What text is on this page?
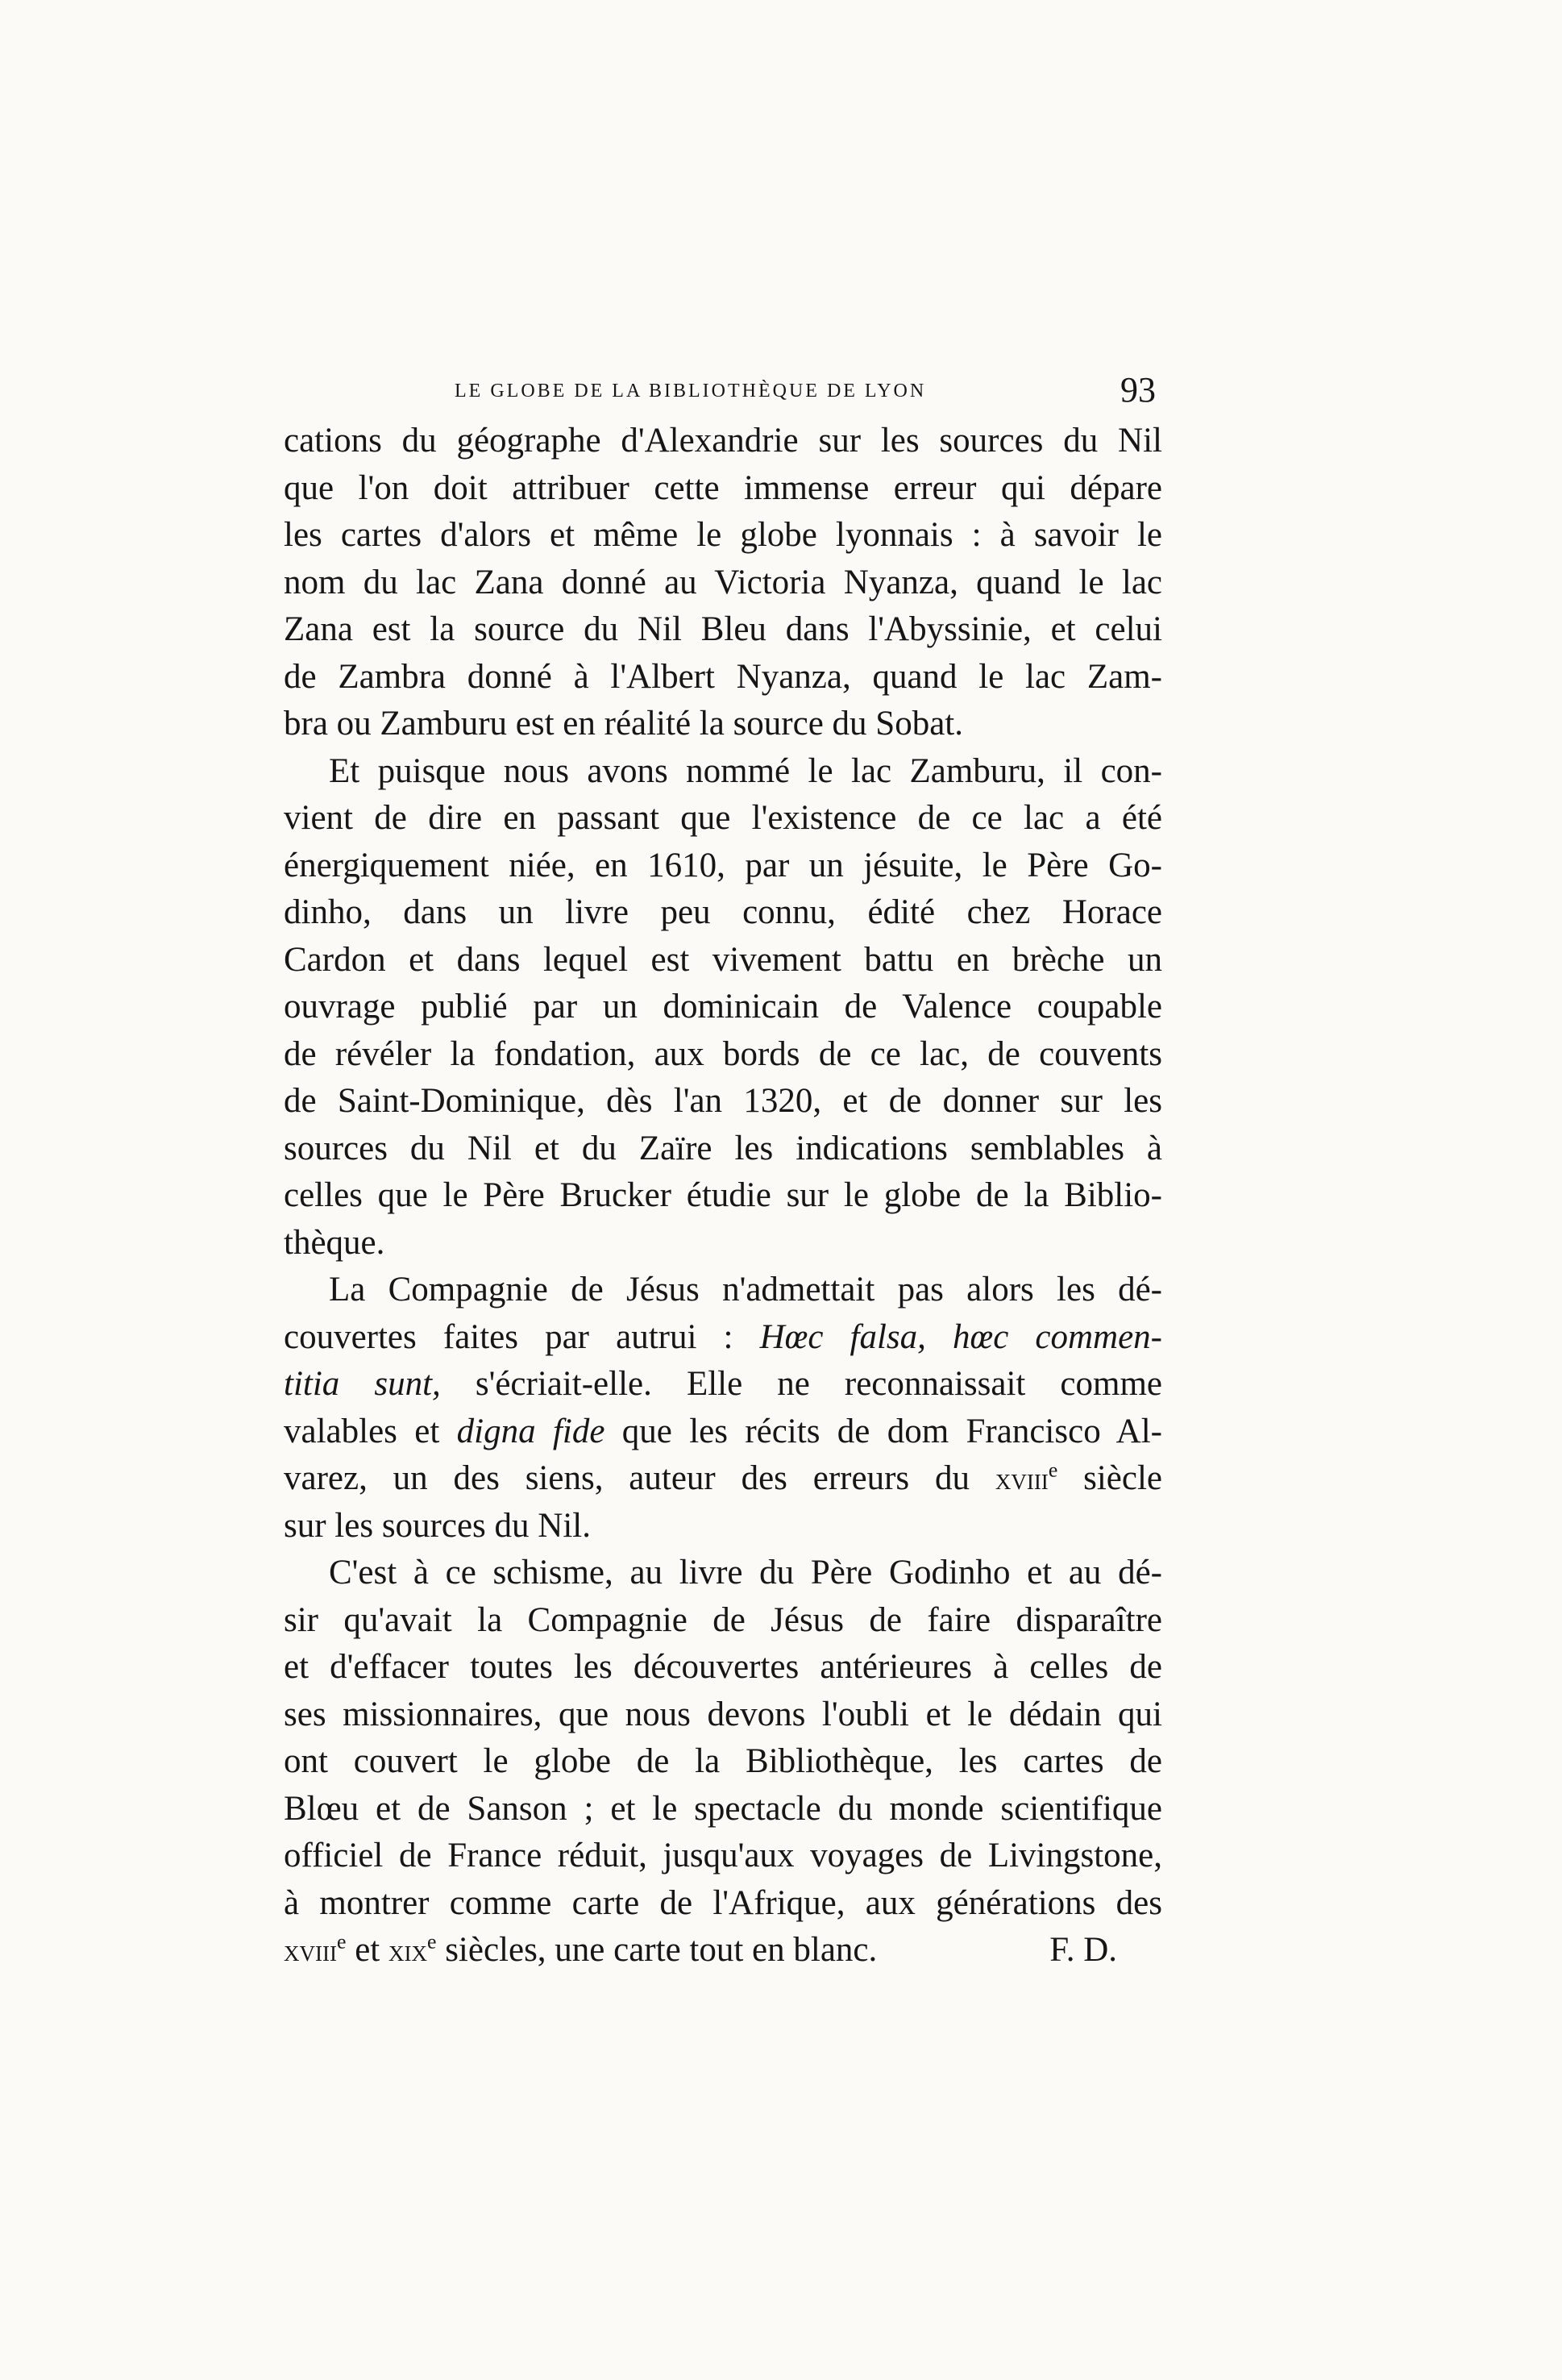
LE GLOBE DE LA BIBLIOTHÈQUE DE LYON	93
cations du géographe d'Alexandrie sur les sources du Nil
que l'on doit attribuer cette immense erreur qui dépare
les cartes d'alors et même le globe lyonnais : à savoir le
nom du lac Zana donné au Victoria Nyanza, quand le lac
Zana est la source du Nil Bleu dans l'Abyssinie, et celui
de Zambra donné à l'Albert Nyanza, quand le lac Zam-
bra ou Zamburu est en réalité la source du Sobat.
Et puisque nous avons nommé le lac Zamburu, il con-
vient de dire en passant que l'existence de ce lac a été
énergiquement niée, en 1610, par un jésuite, le Père Go-
dinho, dans un livre peu connu, édité chez Horace
Cardon et dans lequel est vivement battu en brèche un
ouvrage publié par un dominicain de Valence coupable
de révéler la fondation, aux bords de ce lac, de couvents
de Saint-Dominique, dès l'an 1320, et de donner sur les
sources du Nil et du Zaïre les indications semblables à
celles que le Père Brucker étudie sur le globe de la Biblio-
thèque.
La Compagnie de Jésus n'admettait pas alors les dé-
couvertes faites par autrui : Hœc falsa, hœc commen-
titia sunt, s'écriait-elle. Elle ne reconnaissait comme
valables et digna fide que les récits de dom Francisco Al-
varez, un des siens, auteur des erreurs du xviii$^e$ siècle
sur les sources du Nil.
C'est à ce schisme, au livre du Père Godinho et au dé-
sir qu'avait la Compagnie de Jésus de faire disparaître
et d'effacer toutes les découvertes antérieures à celles de
ses missionnaires, que nous devons l'oubli et le dédain qui
ont couvert le globe de la Bibliothèque, les cartes de
Blœu et de Sanson ; et le spectacle du monde scientifique
officiel de France réduit, jusqu'aux voyages de Livingstone,
à montrer comme carte de l'Afrique, aux générations des
xviii$^e$ et xix$^e$ siècles, une carte tout en blanc.	F. D.
